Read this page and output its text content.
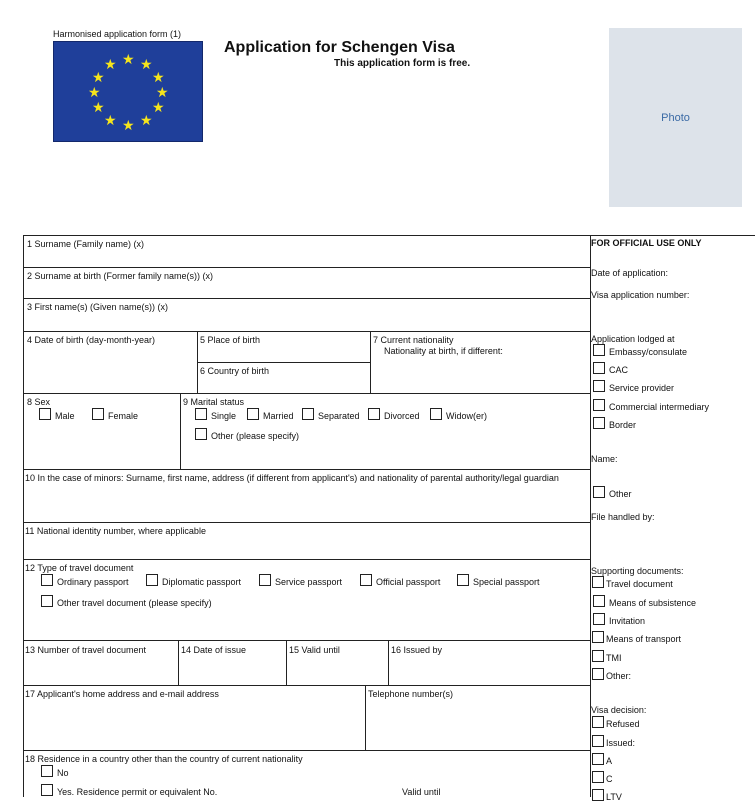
Harmonised application form (1)
★ ★
★
★
★
★
★
★
★
★
★
★
Application for Schengen Visa
This application form is free.
Photo
1 Surname (Family name) (x)
2 Surname at birth (Former family name(s)) (x)
3 First name(s) (Given name(s)) (x)
4 Date of birth (day-month-year)	5 Place of birth
6 Country of birth
7 Current nationality
Nationality at birth, if different:
8 Sex
Male	Female
9 Marital status
Single	Married	Separated	Divorced	Widow(er)
Other (please specify)
10 In the case of minors: Surname, first name, address (if different from applicant's) and nationality of parental authority/legal guardian
11 National identity number, where applicable
12 Type of travel document
Ordinary passport	Diplomatic passport	Service passport	Official passport	Special passport
Other travel document (please specify)
13 Number of travel document	14 Date of issue	15 Valid until	16 Issued by
17 Applicant's home address and e-mail address	Telephone number(s)
18 Residence in a country other than the country of current nationality
No
Yes. Residence permit or equivalent No.	Valid until
FOR OFFICIAL USE ONLY
Date of application:
Visa application number:
Application lodged at
Embassy/consulate
CAC
Service provider
Commercial intermediary
Border
Name:
Other
File handled by:
Supporting documents:
Travel document
Means of subsistence
Invitation
Means of transport
TMI
Other:
Visa decision:
Refused
Issued:
A
C
LTV
